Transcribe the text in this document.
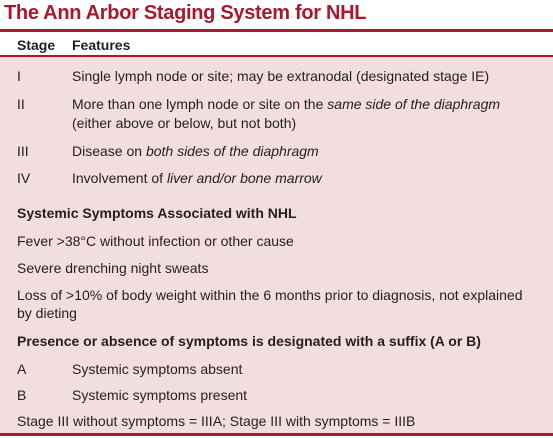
The Ann Arbor Staging System for NHL
Stage Features
I	Single lymph node or site; may be extranodal (designated stage IE)
II	More than one lymph node or site on the same side of the diaphragm
(either above or below, but not both)
III	Disease on both sides of the diaphragm
IV	Involvement of liver and/or bone marrow
Systemic Symptoms Associated with NHL
Fever >38°C without infection or other cause
Severe drenching night sweats
Loss of >10% of body weight within the 6 months prior to diagnosis, not explained
by dieting
Presence or absence of symptoms is designated with a suffix (A or B)
A	Systemic symptoms absent
B	Systemic symptoms present
Stage III without symptoms = IIIA; Stage III with symptoms = IIIB
